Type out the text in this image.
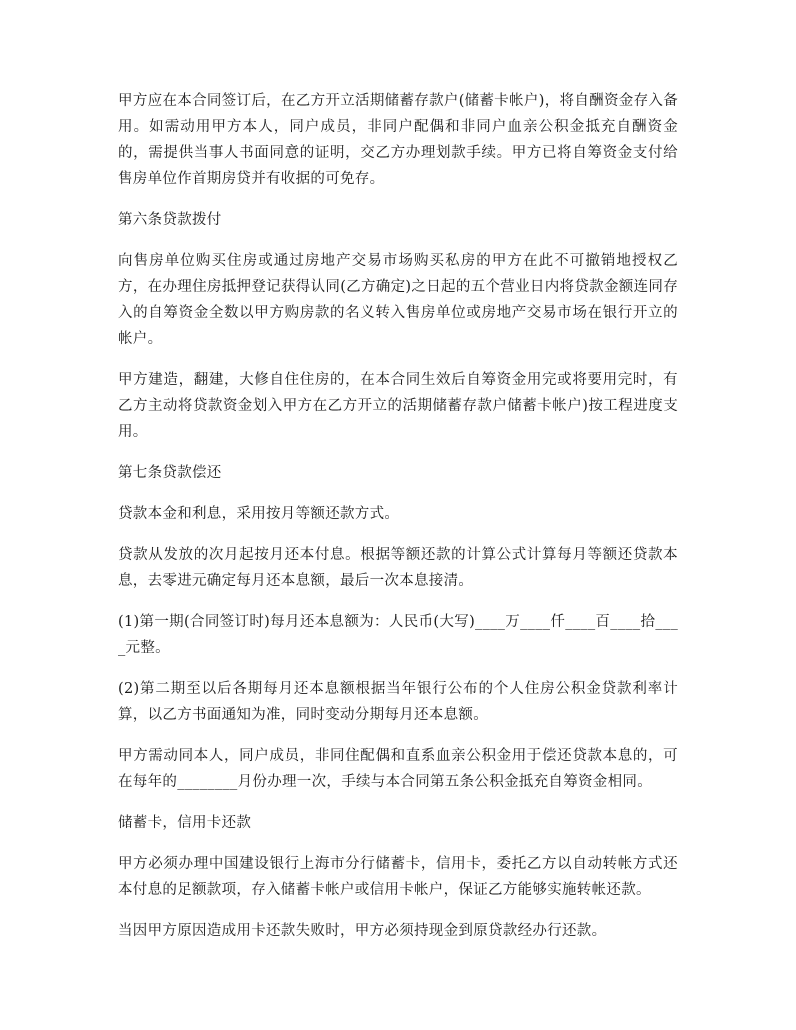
甲方应在本合同签订后，在乙方开立活期储蓄存款户(储蓄卡帐户)，将自酬资金存入备用。如需动用甲方本人，同户成员，非同户配偶和非同户血亲公积金抵充自酬资金的，需提供当事人书面同意的证明，交乙方办理划款手续。甲方已将自筹资金支付给售房单位作首期房贷并有收据的可免存。

第六条贷款拨付

向售房单位购买住房或通过房地产交易市场购买私房的甲方在此不可撤销地授权乙方，在办理住房抵押登记获得认同(乙方确定)之日起的五个营业日内将贷款金额连同存入的自筹资金全数以甲方购房款的名义转入售房单位或房地产交易市场在银行开立的帐户。

甲方建造，翻建，大修自住住房的，在本合同生效后自筹资金用完或将要用完时，有乙方主动将贷款资金划入甲方在乙方开立的活期储蓄存款户储蓄卡帐户)按工程进度支用。

第七条贷款偿还

贷款本金和利息，采用按月等额还款方式。

贷款从发放的次月起按月还本付息。根据等额还款的计算公式计算每月等额还贷款本息，去零进元确定每月还本息额，最后一次本息接清。

(1)第一期(合同签订时)每月还本息额为：人民币(大写)____万____仟____百____拾____元整。

(2)第二期至以后各期每月还本息额根据当年银行公布的个人住房公积金贷款利率计算，以乙方书面通知为准，同时变动分期每月还本息额。

甲方需动同本人，同户成员，非同住配偶和直系血亲公积金用于偿还贷款本息的，可在每年的________月份办理一次，手续与本合同第五条公积金抵充自筹资金相同。

储蓄卡，信用卡还款

甲方必须办理中国建设银行上海市分行储蓄卡，信用卡，委托乙方以自动转帐方式还本付息的足额款项，存入储蓄卡帐户或信用卡帐户，保证乙方能够实施转帐还款。

当因甲方原因造成用卡还款失败时，甲方必须持现金到原贷款经办行还款。
